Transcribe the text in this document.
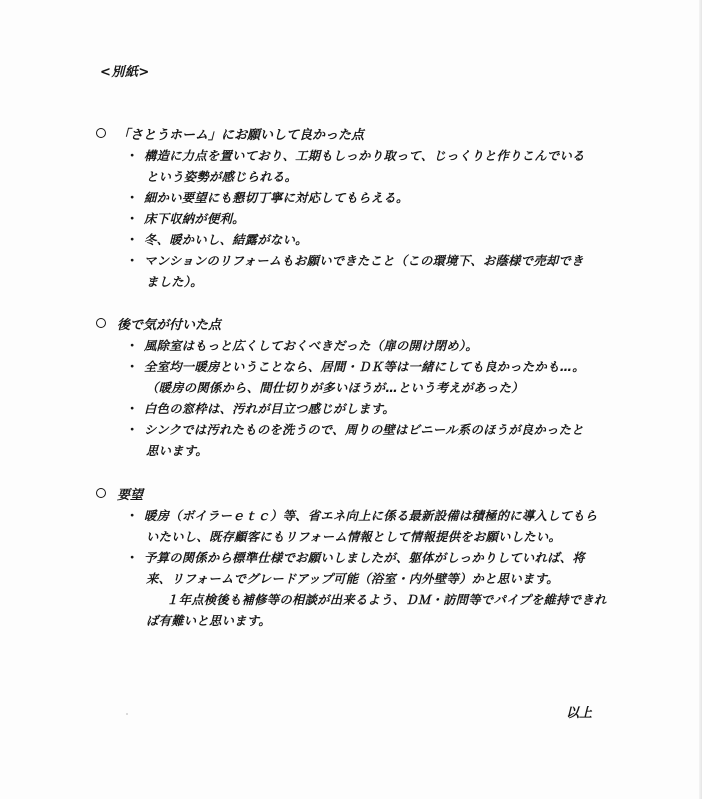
<別紙>
「さとうホーム」にお願いして良かった点
・ 構造に力点を置いており、工期もしっかり取って、じっくりと作りこんでいる
という姿勢が感じられる。
・ 細かい要望にも懇切丁寧に対応してもらえる。
・ 床下収納が便利。
・ 冬、暖かいし、結露がない。
・ マンションのリフォームもお願いできたこと（この環境下、お蔭様で売却でき
ました）。
後で気が付いた点
・ 風除室はもっと広くしておくべきだった（扉の開け閉め）。
・ 全室均一暖房ということなら、居間・ＤＫ等は一緒にしても良かったかも…。
（暖房の関係から、間仕切りが多いほうが…という考えがあった）
・ 白色の窓枠は、汚れが目立つ感じがします。
・ シンクでは汚れたものを洗うので、周りの壁はビニール系のほうが良かったと
思います。
要望
・ 暖房（ボイラーｅｔｃ）等、省エネ向上に係る最新設備は積極的に導入してもら
いたいし、既存顧客にもリフォーム情報として情報提供をお願いしたい。
・ 予算の関係から標準仕様でお願いしましたが、躯体がしっかりしていれば、将
来、リフォームでグレードアップ可能（浴室・内外壁等）かと思います。
１年点検後も補修等の相談が出来るよう、ＤＭ・訪問等でパイプを維持できれ
ば有難いと思います。
以上
